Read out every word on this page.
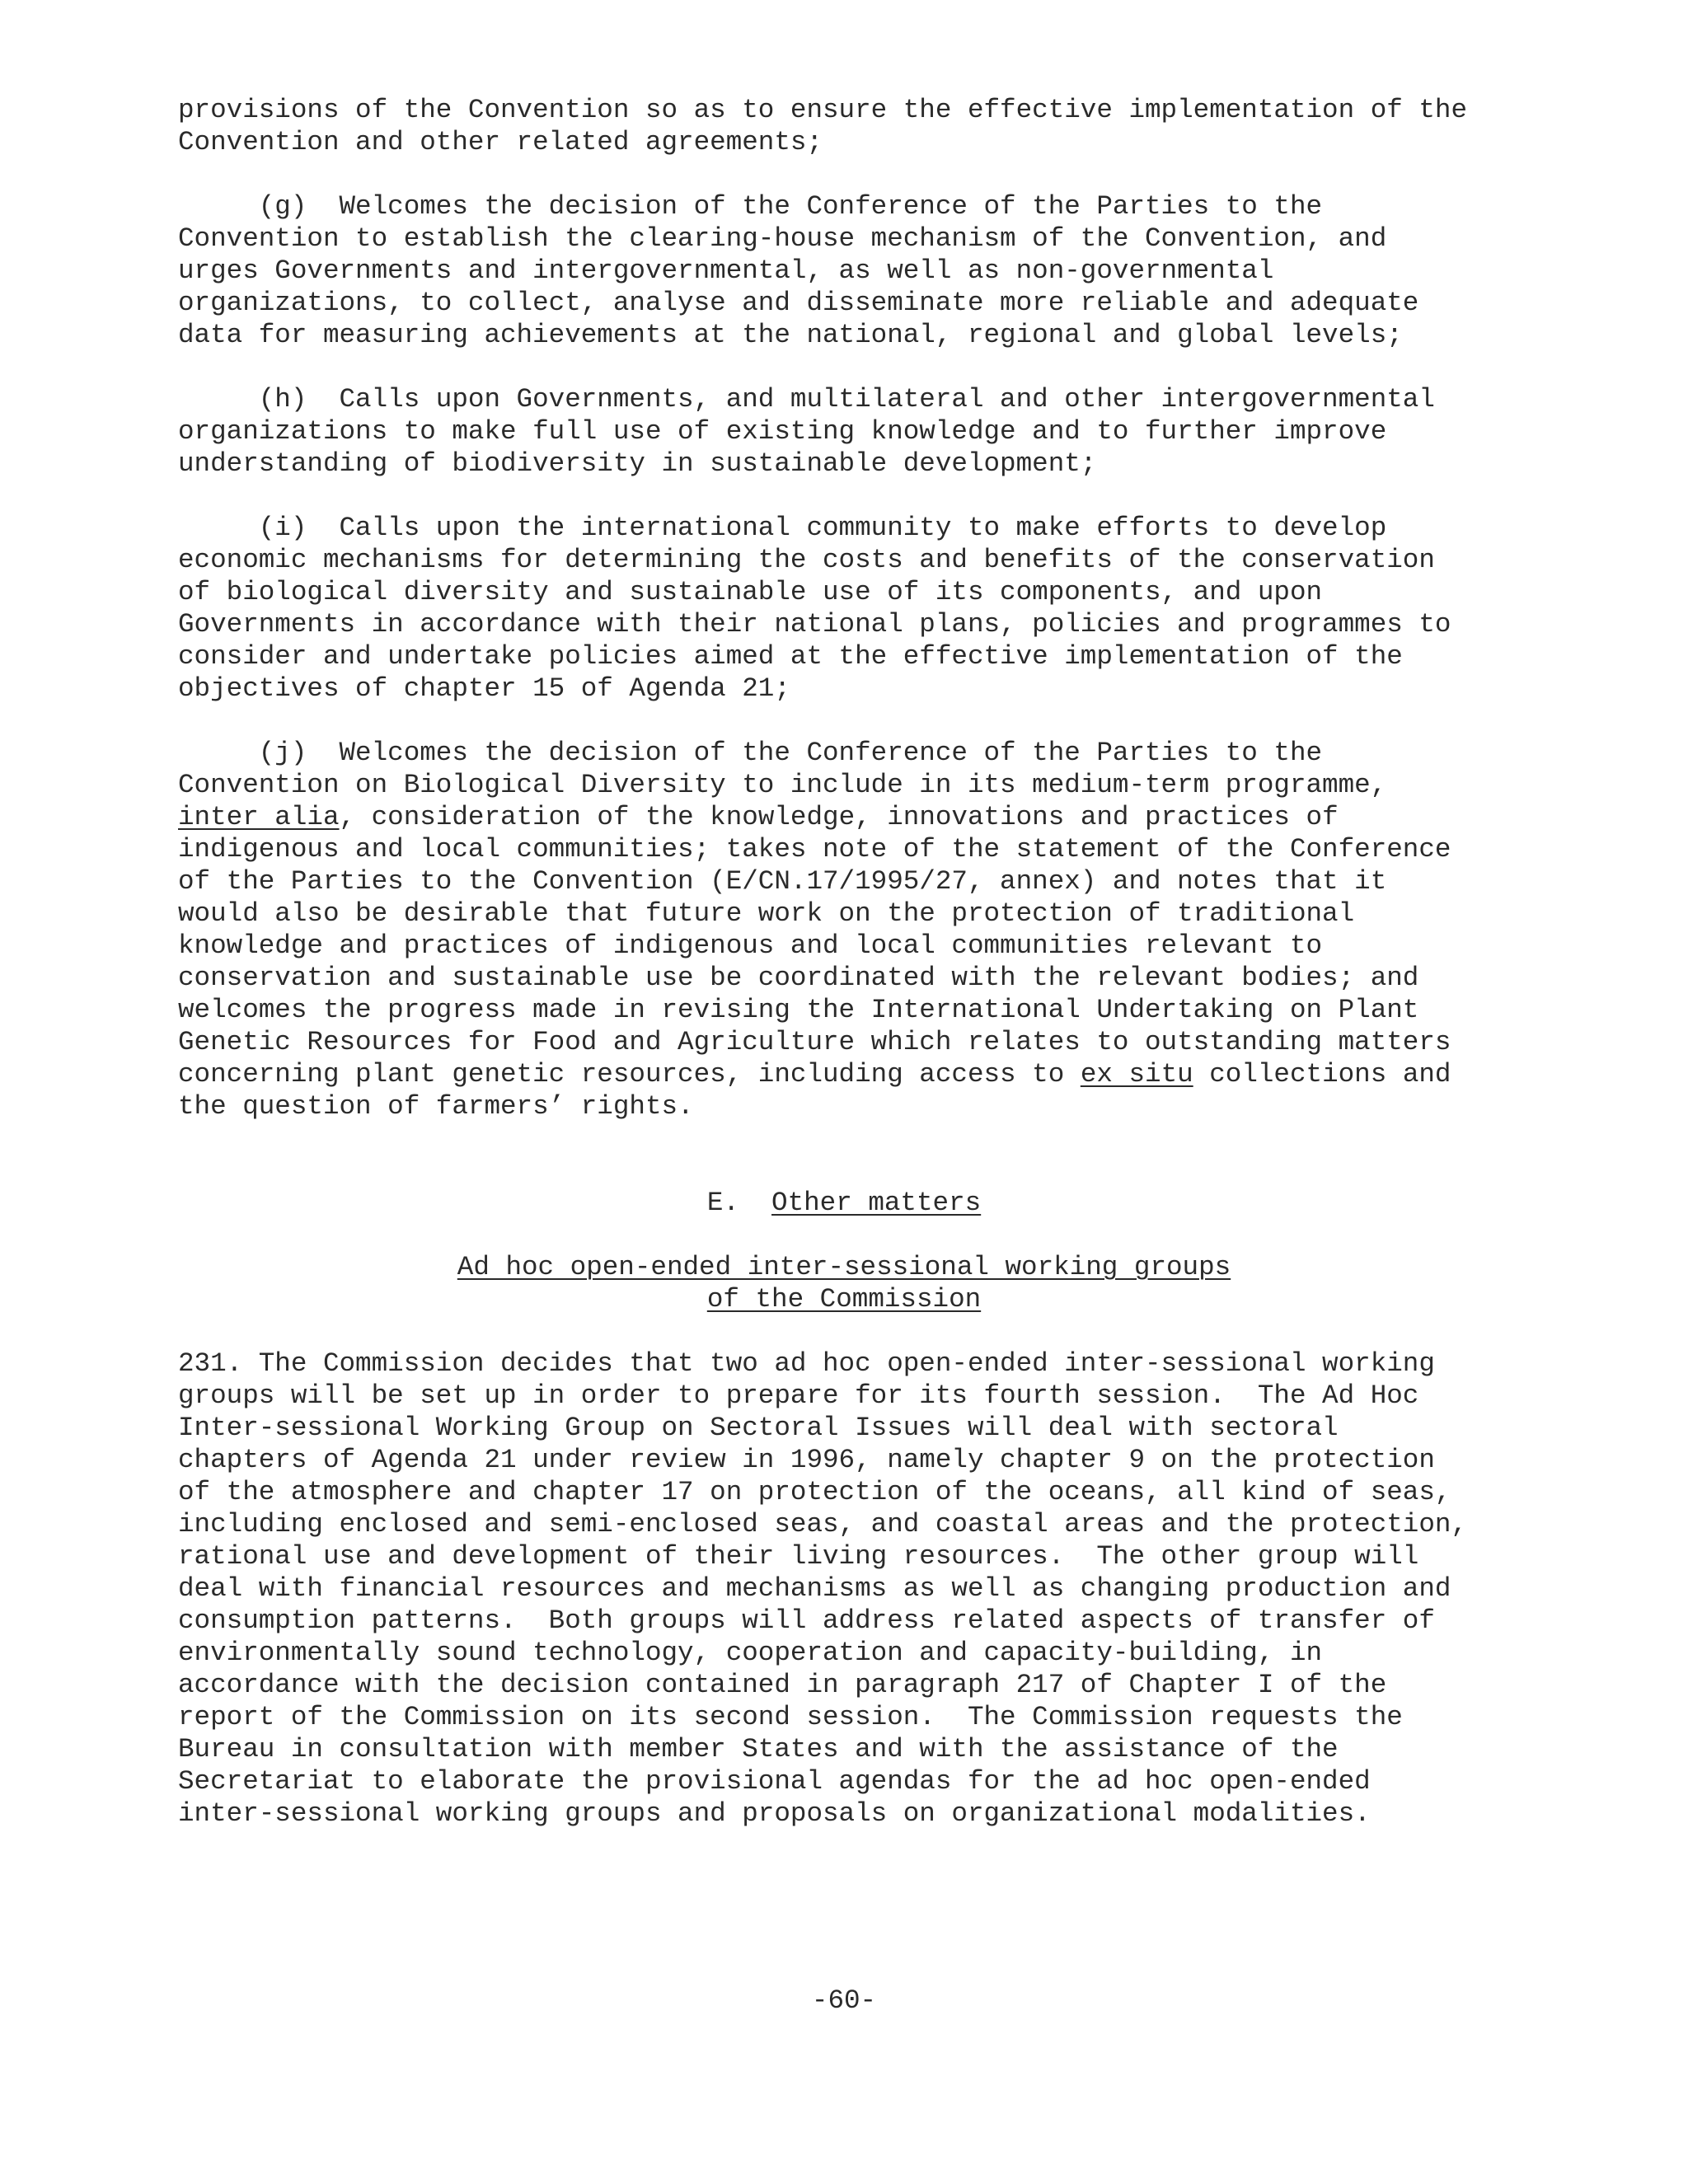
provisions of the Convention so as to ensure the effective implementation of the
Convention and other related agreements;
(g)  Welcomes the decision of the Conference of the Parties to the
Convention to establish the clearing-house mechanism of the Convention, and
urges Governments and intergovernmental, as well as non-governmental
organizations, to collect, analyse and disseminate more reliable and adequate
data for measuring achievements at the national, regional and global levels;
(h)  Calls upon Governments, and multilateral and other intergovernmental
organizations to make full use of existing knowledge and to further improve
understanding of biodiversity in sustainable development;
(i)  Calls upon the international community to make efforts to develop
economic mechanisms for determining the costs and benefits of the conservation
of biological diversity and sustainable use of its components, and upon
Governments in accordance with their national plans, policies and programmes to
consider and undertake policies aimed at the effective implementation of the
objectives of chapter 15 of Agenda 21;
(j)  Welcomes the decision of the Conference of the Parties to the
Convention on Biological Diversity to include in its medium-term programme,
inter alia, consideration of the knowledge, innovations and practices of
indigenous and local communities; takes note of the statement of the Conference
of the Parties to the Convention (E/CN.17/1995/27, annex) and notes that it
would also be desirable that future work on the protection of traditional
knowledge and practices of indigenous and local communities relevant to
conservation and sustainable use be coordinated with the relevant bodies; and
welcomes the progress made in revising the International Undertaking on Plant
Genetic Resources for Food and Agriculture which relates to outstanding matters
concerning plant genetic resources, including access to ex situ collections and
the question of farmers’ rights.
E. Other matters
Ad hoc open-ended inter-sessional working groups
of the Commission
231. The Commission decides that two ad hoc open-ended inter-sessional working
groups will be set up in order to prepare for its fourth session.  The Ad Hoc
Inter-sessional Working Group on Sectoral Issues will deal with sectoral
chapters of Agenda 21 under review in 1996, namely chapter 9 on the protection
of the atmosphere and chapter 17 on protection of the oceans, all kind of seas,
including enclosed and semi-enclosed seas, and coastal areas and the protection,
rational use and development of their living resources.  The other group will
deal with financial resources and mechanisms as well as changing production and
consumption patterns.  Both groups will address related aspects of transfer of
environmentally sound technology, cooperation and capacity-building, in
accordance with the decision contained in paragraph 217 of Chapter I of the
report of the Commission on its second session.  The Commission requests the
Bureau in consultation with member States and with the assistance of the
Secretariat to elaborate the provisional agendas for the ad hoc open-ended
inter-sessional working groups and proposals on organizational modalities.
-60-
